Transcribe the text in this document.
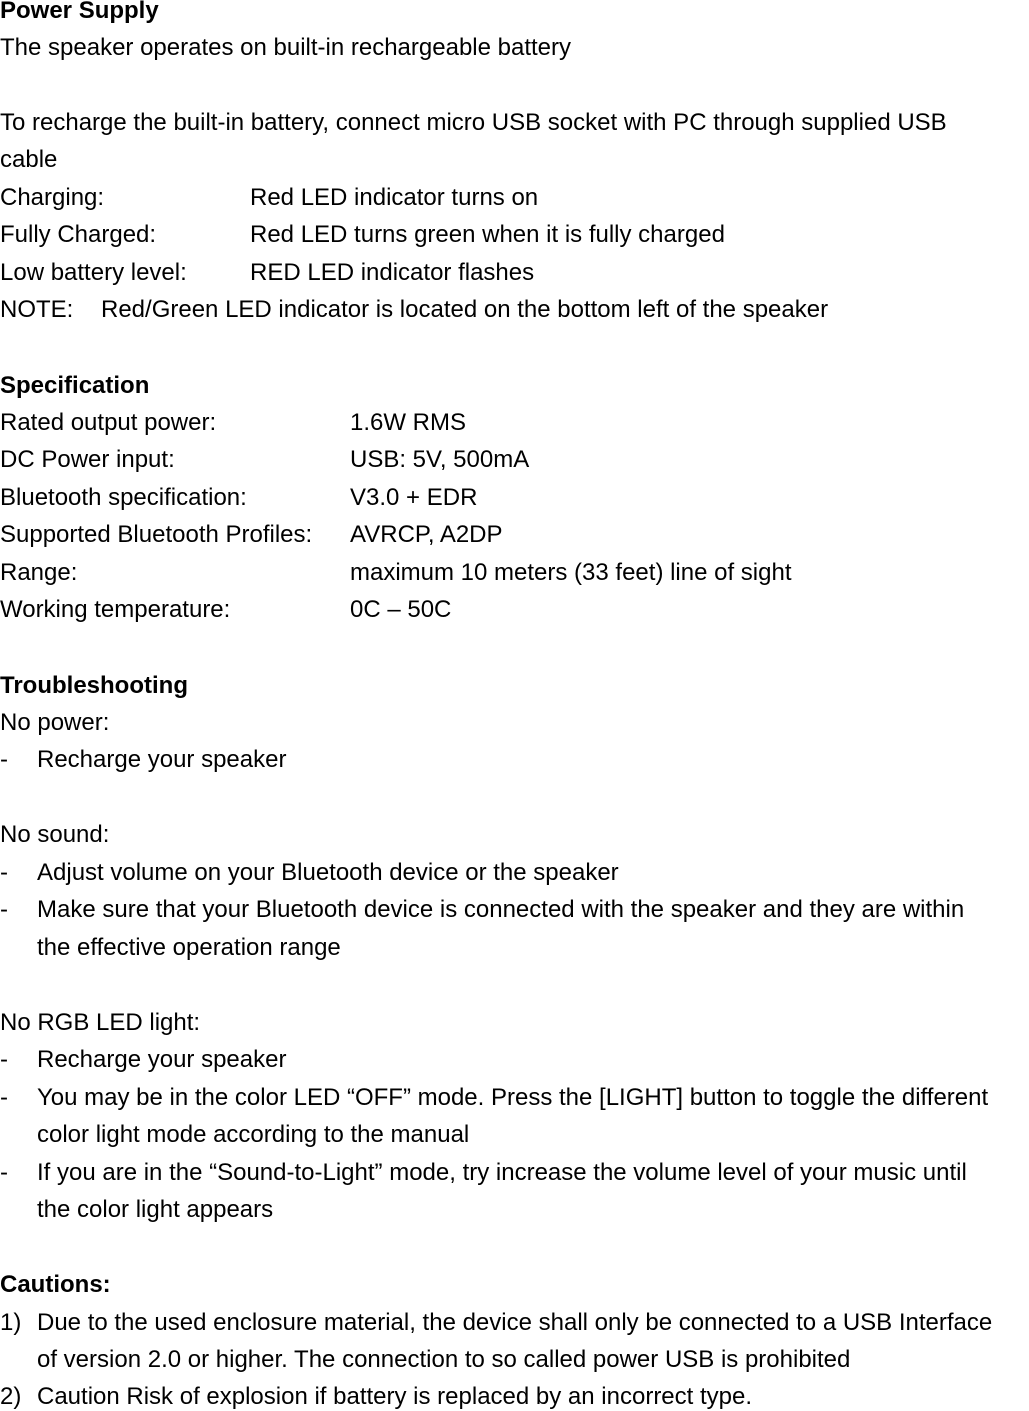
Power Supply
The speaker operates on built-in rechargeable battery
To recharge the built-in battery, connect micro USB socket with PC through supplied USB
cable
Charging:	Red LED indicator turns on
Fully Charged:	Red LED turns green when it is fully charged
Low battery level:	RED LED indicator flashes
NOTE: Red/Green LED indicator is located on the bottom left of the speaker
Specification
Rated output power:	1.6W RMS
DC Power input:	USB: 5V, 500mA
Bluetooth specification:	V3.0 + EDR
Supported Bluetooth Profiles: AVRCP, A2DP
Range:	maximum 10 meters (33 feet) line of sight
Working temperature:	0C – 50C
Troubleshooting
No power:
- Recharge your speaker
No sound:
- Adjust volume on your Bluetooth device or the speaker
- Make sure that your Bluetooth device is connected with the speaker and they are within
the effective operation range
No RGB LED light:
- Recharge your speaker
- You may be in the color LED “OFF” mode. Press the [LIGHT] button to toggle the different
color light mode according to the manual
- If you are in the “Sound-to-Light” mode, try increase the volume level of your music until
the color light appears
Cautions:
1) Due to the used enclosure material, the device shall only be connected to a USB Interface
of version 2.0 or higher. The connection to so called power USB is prohibited
2) Caution Risk of explosion if battery is replaced by an incorrect type.
